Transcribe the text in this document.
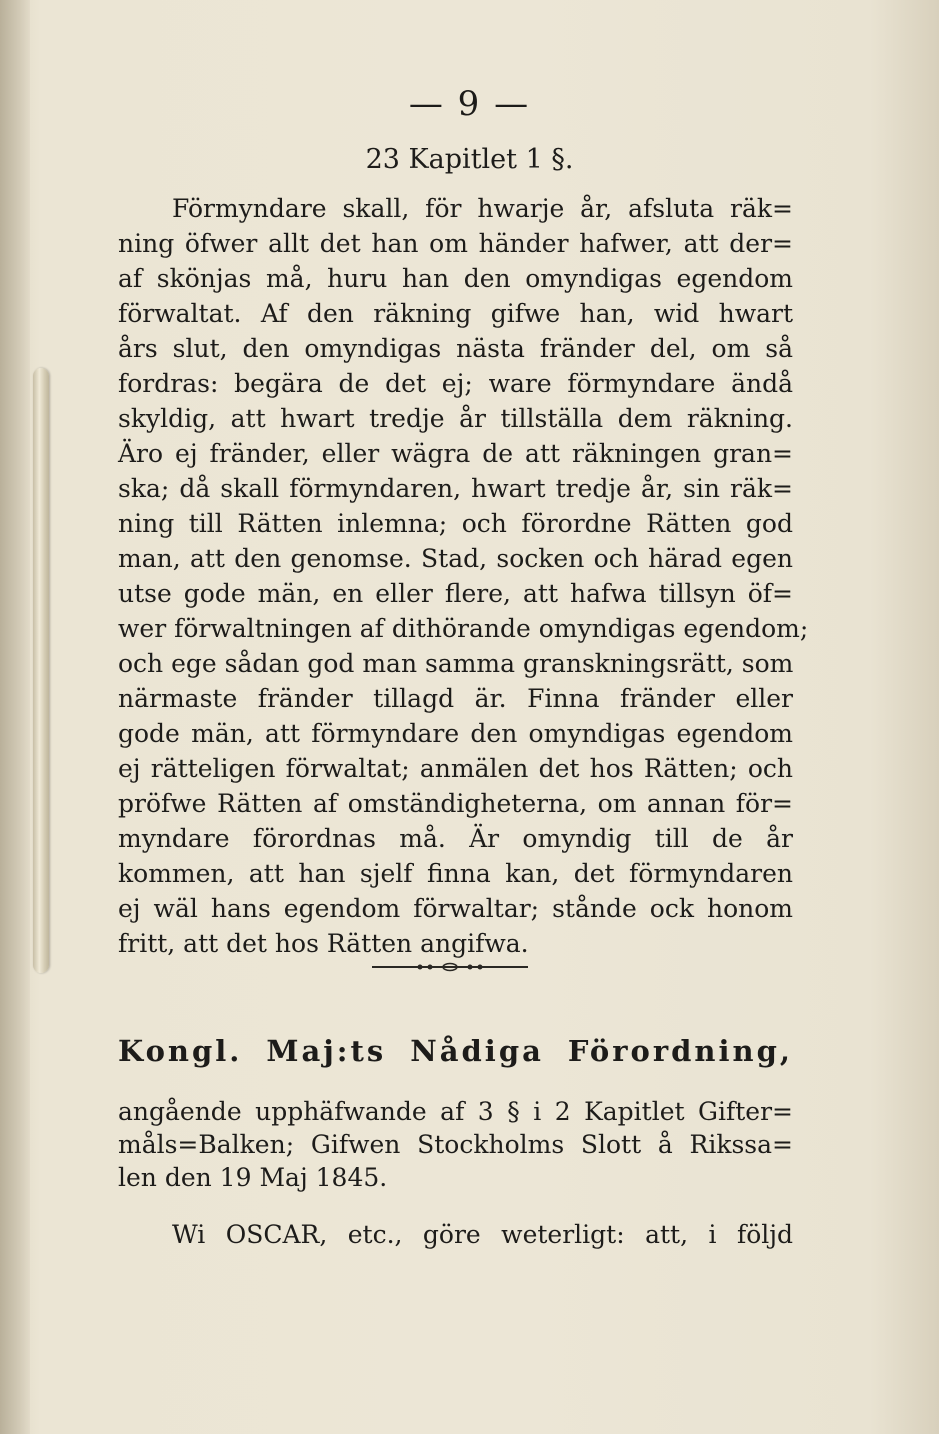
— 9 —
23 Kapitlet 1 §.
Förmyndare skall, för hwarje år, afsluta räk=
ning öfwer allt det han om händer hafwer, att der=
af skönjas må, huru han den omyndigas egendom
förwaltat. Af den räkning gifwe han, wid hwart
års slut, den omyndigas nästa fränder del, om så
fordras: begära de det ej; ware förmyndare ändå
skyldig, att hwart tredje år tillställa dem räkning.
Äro ej fränder, eller wägra de att räkningen gran=
ska; då skall förmyndaren, hwart tredje år, sin räk=
ning till Rätten inlemna; och förordne Rätten god
man, att den genomse. Stad, socken och härad egen
utse gode män, en eller flere, att hafwa tillsyn öf=
wer förwaltningen af dithörande omyndigas egendom;
och ege sådan god man samma granskningsrätt, som
närmaste fränder tillagd är. Finna fränder eller
gode män, att förmyndare den omyndigas egendom
ej rätteligen förwaltat; anmälen det hos Rätten; och
pröfwe Rätten af omständigheterna, om annan för=
myndare förordnas må. Är omyndig till de år
kommen, att han sjelf finna kan, det förmyndaren
ej wäl hans egendom förwaltar; stånde ock honom
fritt, att det hos Rätten angifwa.
Kongl. Maj:ts Nådiga Förordning,
angående upphäfwande af 3 § i 2 Kapitlet Gifter=
måls=Balken; Gifwen Stockholms Slott å Rikssa=
len den 19 Maj 1845.
Wi OSCAR, etc., göre weterligt: att, i följd
